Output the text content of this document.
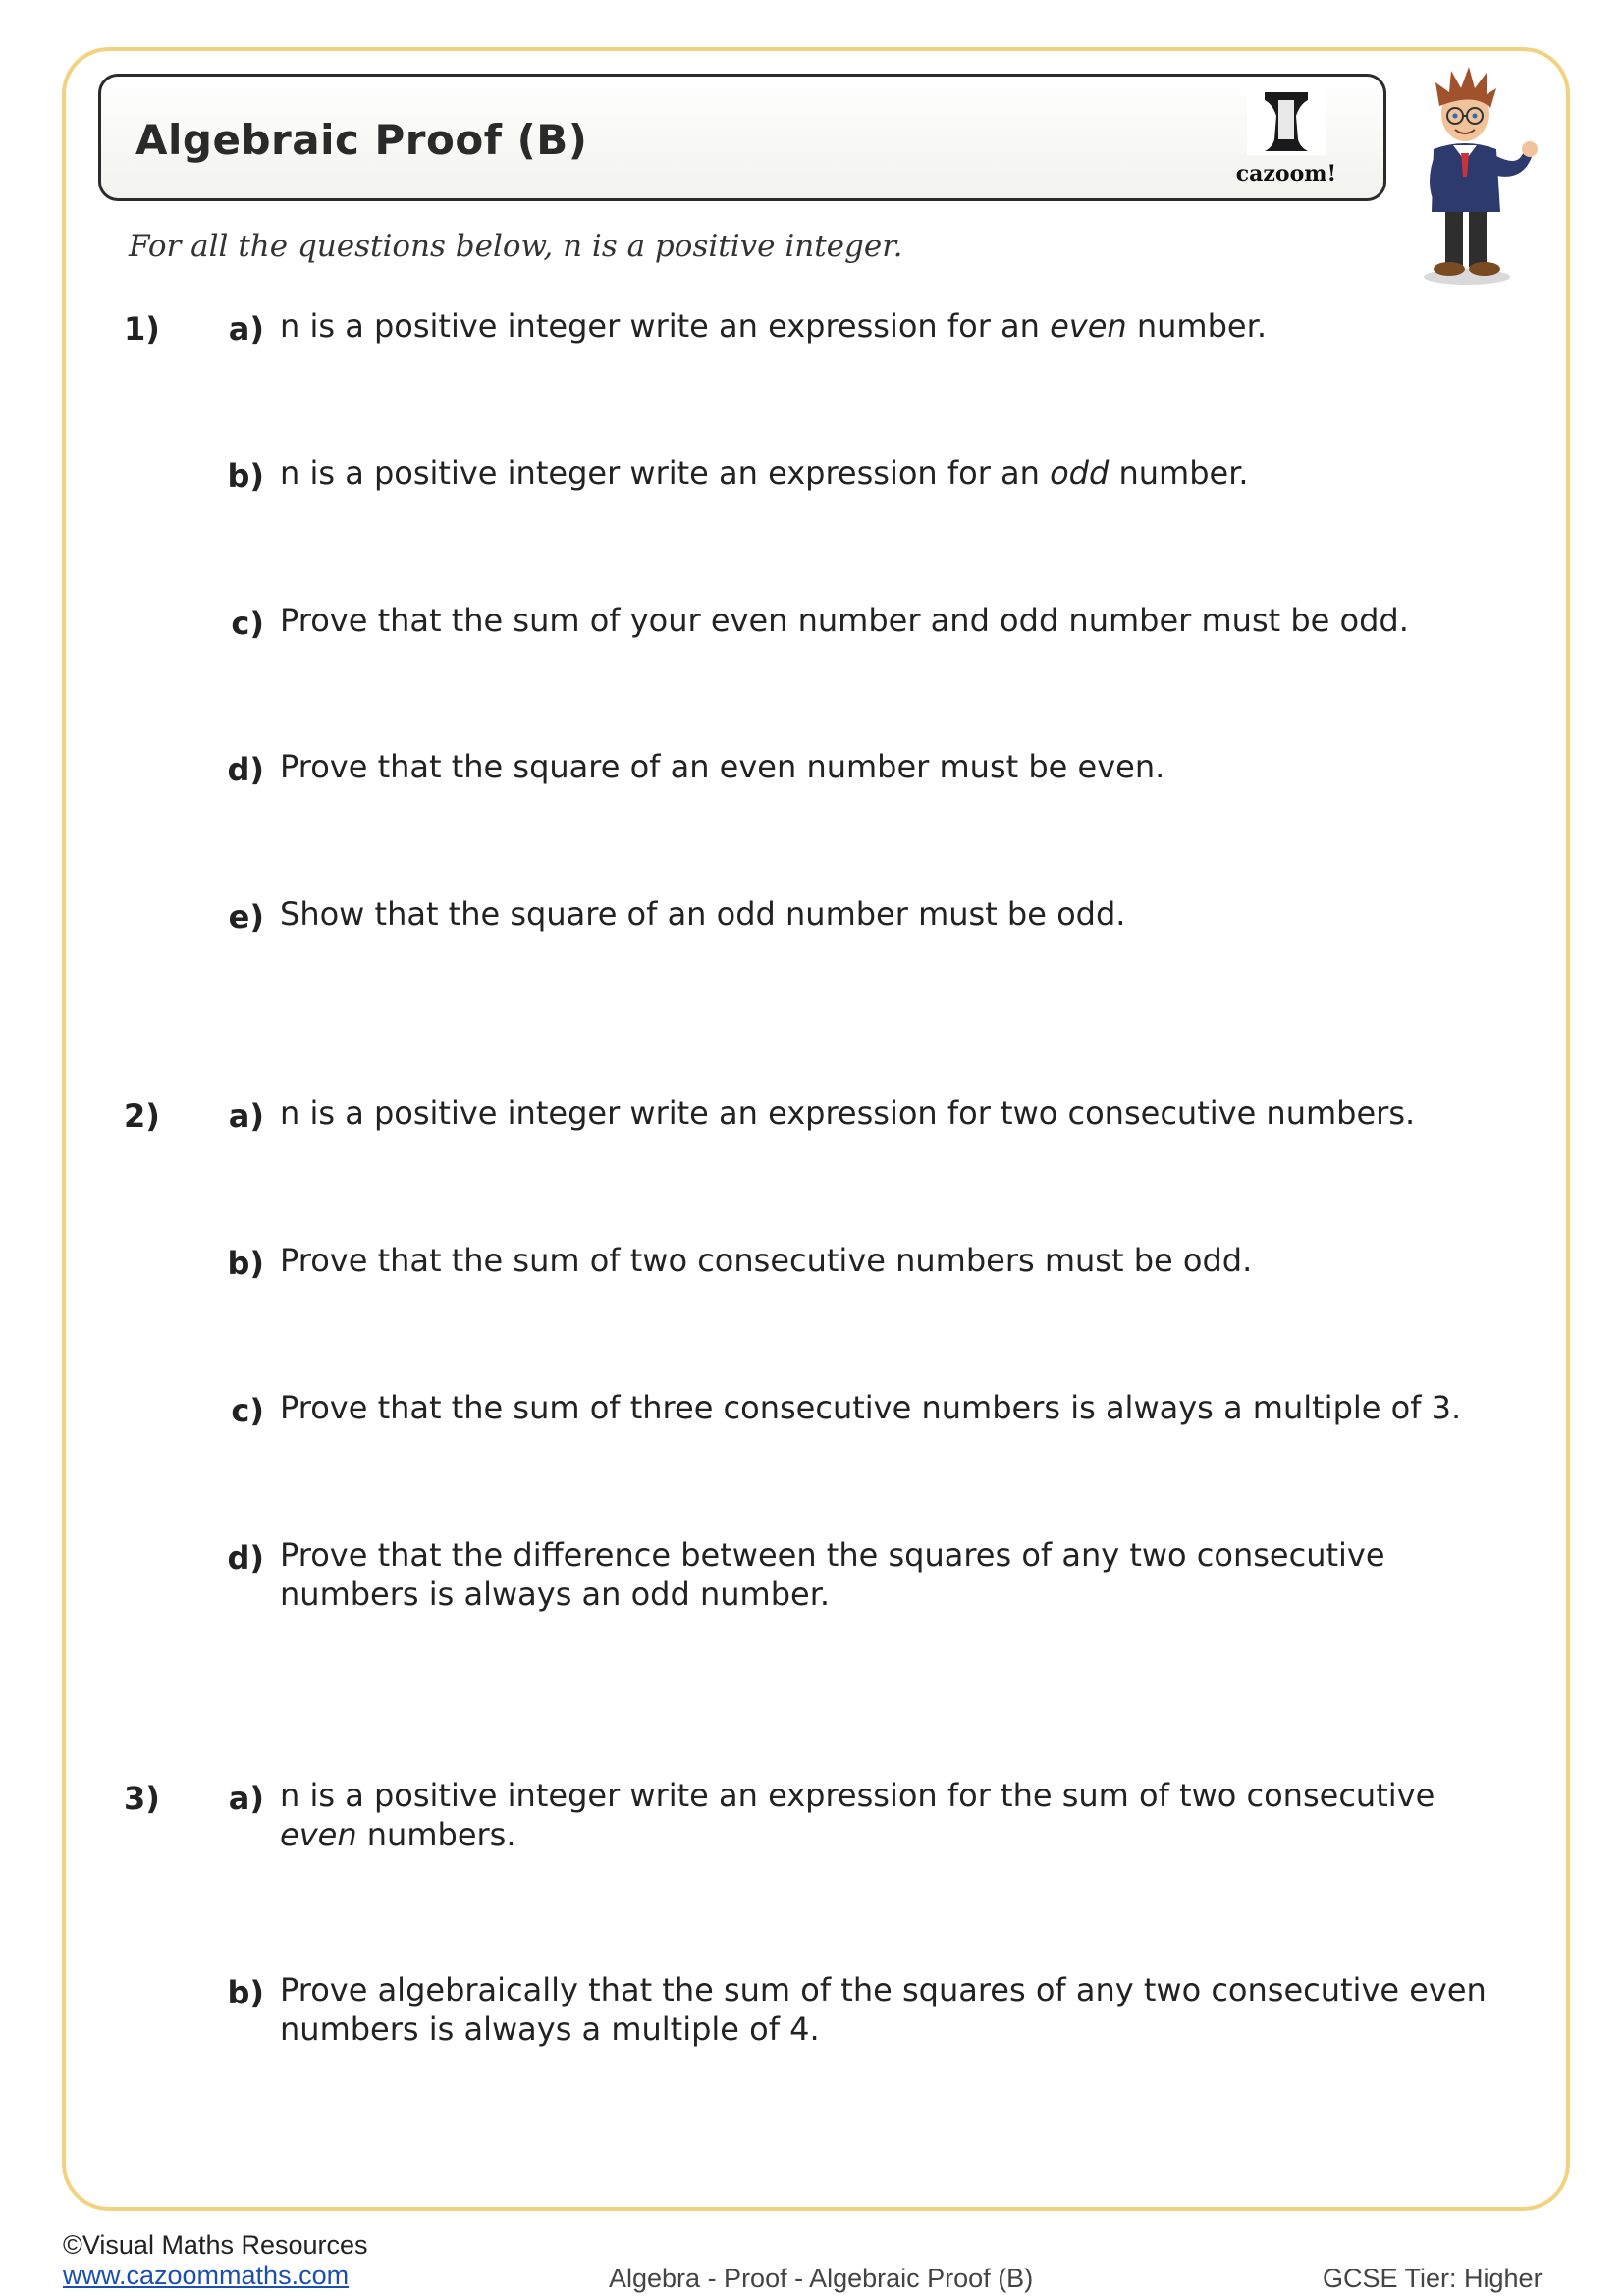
Algebraic Proof (B)
cazoom!
For all the questions below, n is a positive integer.
1) a) n is a positive integer write an expression for an even number.
b) n is a positive integer write an expression for an odd number.
c) Prove that the sum of your even number and odd number must be odd.
d) Prove that the square of an even number must be even.
e) Show that the square of an odd number must be odd.
2) a) n is a positive integer write an expression for two consecutive numbers.
b) Prove that the sum of two consecutive numbers must be odd.
c) Prove that the sum of three consecutive numbers is always a multiple of 3.
d) Prove that the difference between the squares of any two consecutive numbers is always an odd number.
3) a) n is a positive integer write an expression for the sum of two consecutive even numbers.
b) Prove algebraically that the sum of the squares of any two consecutive even numbers is always a multiple of 4.
©Visual Maths Resources
www.cazoommaths.com	Algebra - Proof - Algebraic Proof (B)	GCSE Tier: Higher
